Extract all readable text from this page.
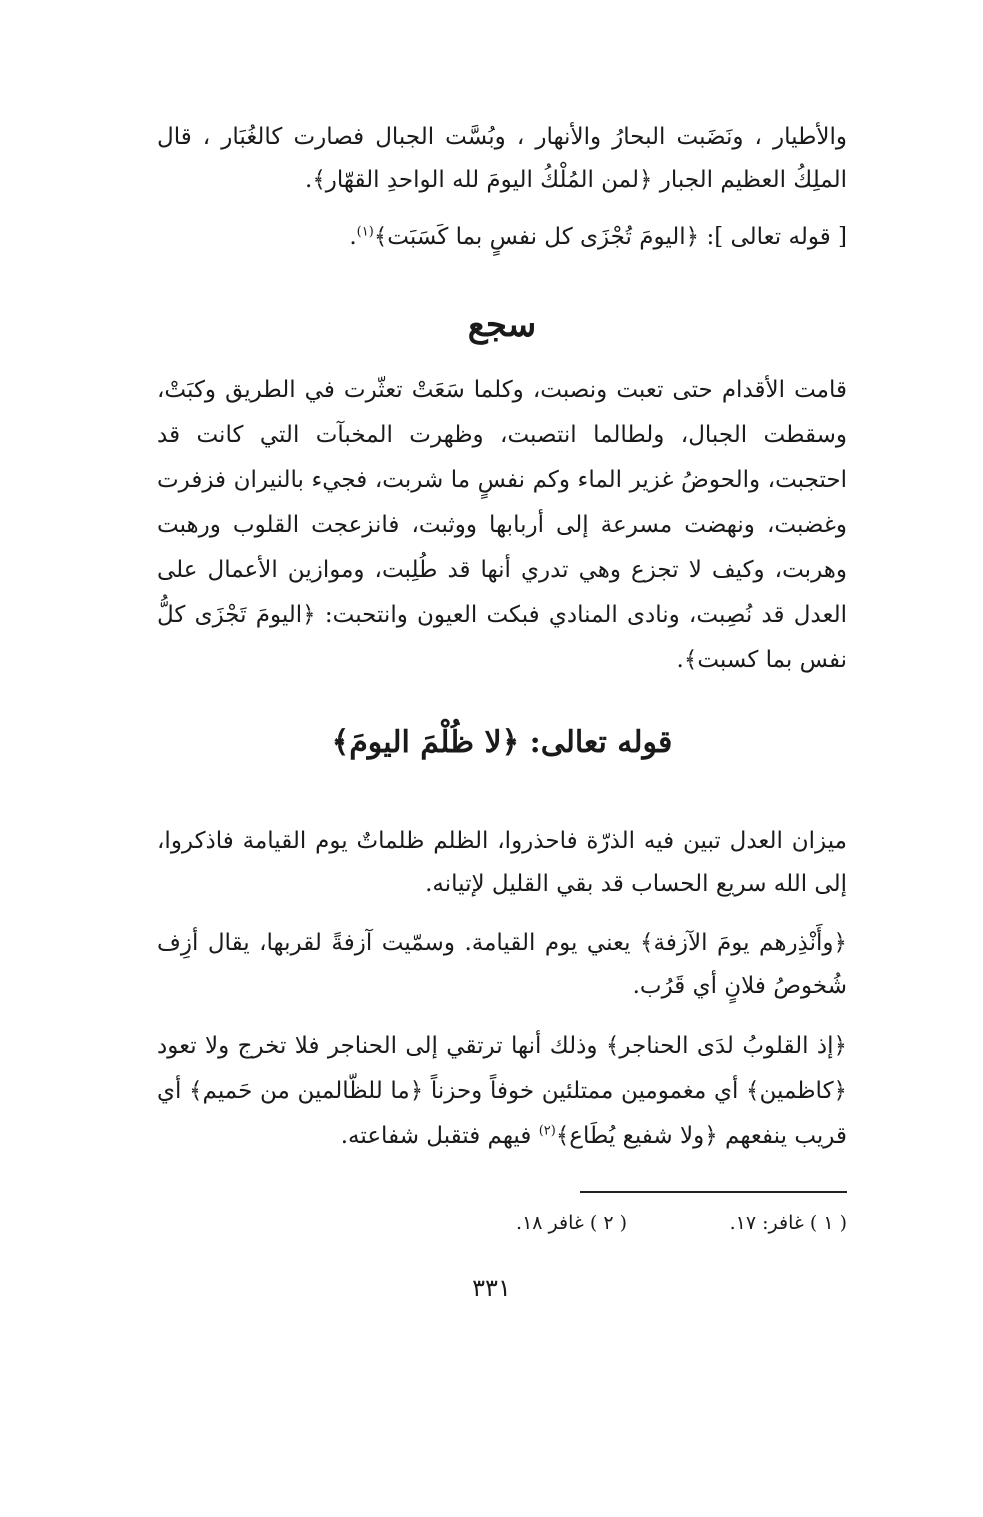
والأطيار ، ونَضَبت البحارُ والأنهار ، وبُسَّت الجبال فصارت كالغُبَار ، قال الملِكُ العظيم الجبار ﴿لمن المُلْكُ اليومَ لله الواحدِ القهّار﴾.

[ قوله تعالى ]: ﴿اليومَ تُجْزَى كل نفسٍ بما كَسَبَت﴾$^{(١)}$.

سجع

قامت الأقدام حتى تعبت ونصبت، وكلما سَعَتْ تعثّرت في الطريق وكبَتْ، وسقطت الجبال، ولطالما انتصبت، وظهرت المخبآت التي كانت قد احتجبت، والحوضُ غزير الماء وكم نفسٍ ما شربت، فجيء بالنيران فزفرت وغضبت، ونهضت مسرعة إلى أربابها ووثبت، فانزعجت القلوب ورهبت وهربت، وكيف لا تجزع وهي تدري أنها قد طُلِبت، وموازين الأعمال على العدل قد نُصِبت، ونادى المنادي فبكت العيون وانتحبت: ﴿اليومَ تَجْزَى كلُّ نفس بما كسبت﴾.

قوله تعالى: ﴿لا ظُلْمَ اليومَ﴾

ميزان العدل تبين فيه الذرّة فاحذروا، الظلم ظلماتٌ يوم القيامة فاذكروا، إلى الله سريع الحساب قد بقي القليل لإتيانه.

﴿وأَنْذِرهم يومَ الآزفة﴾ يعني يوم القيامة. وسمّيت آزفةً لقربها، يقال أزِف شُخوصُ فلانٍ أي قَرُب.

﴿إذ القلوبُ لدَى الحناجر﴾ وذلك أنها ترتقي إلى الحناجر فلا تخرج ولا تعود ﴿كاظمين﴾ أي مغمومين ممتلئين خوفاً وحزناً ﴿ما للظّالمين من حَميم﴾ أي قريب ينفعهم ﴿ولا شفيع يُطَاع﴾$^{(٢)}$ فيهم فتقبل شفاعته.

( ١ ) غافر: ١٧.
( ٢ ) غافر ١٨.
٣٣١
